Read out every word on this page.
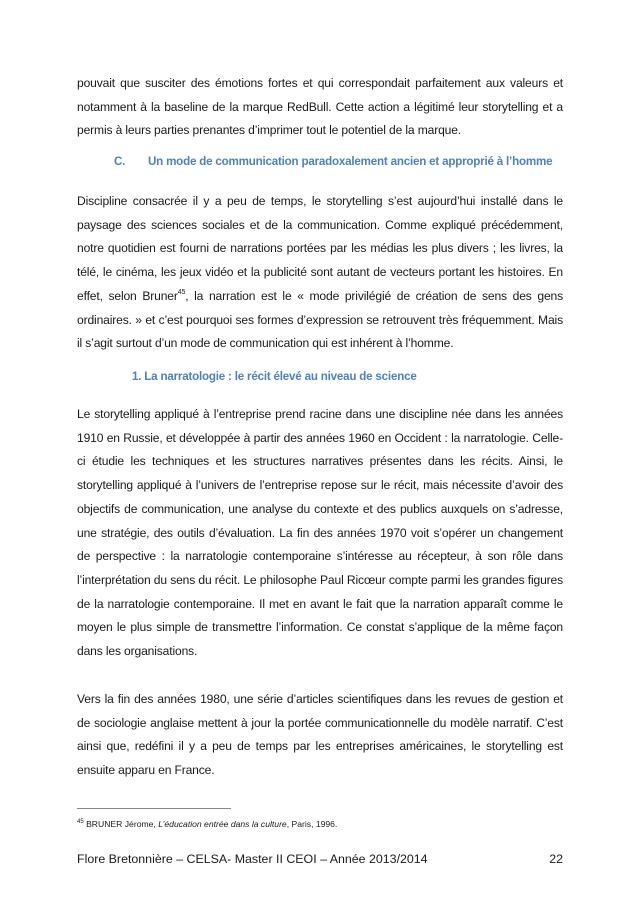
pouvait que susciter des émotions fortes et qui correspondait parfaitement aux valeurs et notamment à la baseline de la marque RedBull. Cette action a légitimé leur storytelling et a permis à leurs parties prenantes d’imprimer tout le potentiel de la marque.
C. Un mode de communication paradoxalement ancien et approprié à l’homme
Discipline consacrée il y a peu de temps, le storytelling s’est aujourd’hui installé dans le paysage des sciences sociales et de la communication. Comme expliqué précédemment, notre quotidien est fourni de narrations portées par les médias les plus divers ; les livres, la télé, le cinéma, les jeux vidéo et la publicité sont autant de vecteurs portant les histoires. En effet, selon Bruner$^{45}$, la narration est le « mode privilégié de création de sens des gens ordinaires. » et c’est pourquoi ses formes d’expression se retrouvent très fréquemment. Mais il s’agit surtout d’un mode de communication qui est inhérent à l’homme.
1. La narratologie : le récit élevé au niveau de science
Le storytelling appliqué à l’entreprise prend racine dans une discipline née dans les années 1910 en Russie, et développée à partir des années 1960 en Occident : la narratologie. Celle-ci étudie les techniques et les structures narratives présentes dans les récits. Ainsi, le storytelling appliqué à l’univers de l’entreprise repose sur le récit, mais nécessite d’avoir des objectifs de communication, une analyse du contexte et des publics auxquels on s’adresse, une stratégie, des outils d’évaluation. La fin des années 1970 voit s’opérer un changement de perspective : la narratologie contemporaine s’intéresse au récepteur, à son rôle dans l’interprétation du sens du récit. Le philosophe Paul Ricœur compte parmi les grandes figures de la narratologie contemporaine. Il met en avant le fait que la narration apparaît comme le moyen le plus simple de transmettre l’information. Ce constat s’applique de la même façon dans les organisations.
Vers la fin des années 1980, une série d’articles scientifiques dans les revues de gestion et de sociologie anglaise mettent à jour la portée communicationnelle du modèle narratif. C’est ainsi que, redéfini il y a peu de temps par les entreprises américaines, le storytelling est ensuite apparu en France.
$^{45}$ BRUNER Jérome, L’éducation entrée dans la culture, Paris, 1996.
Flore Bretonnière – CELSA- Master II CEOI – Année 2013/2014	22
